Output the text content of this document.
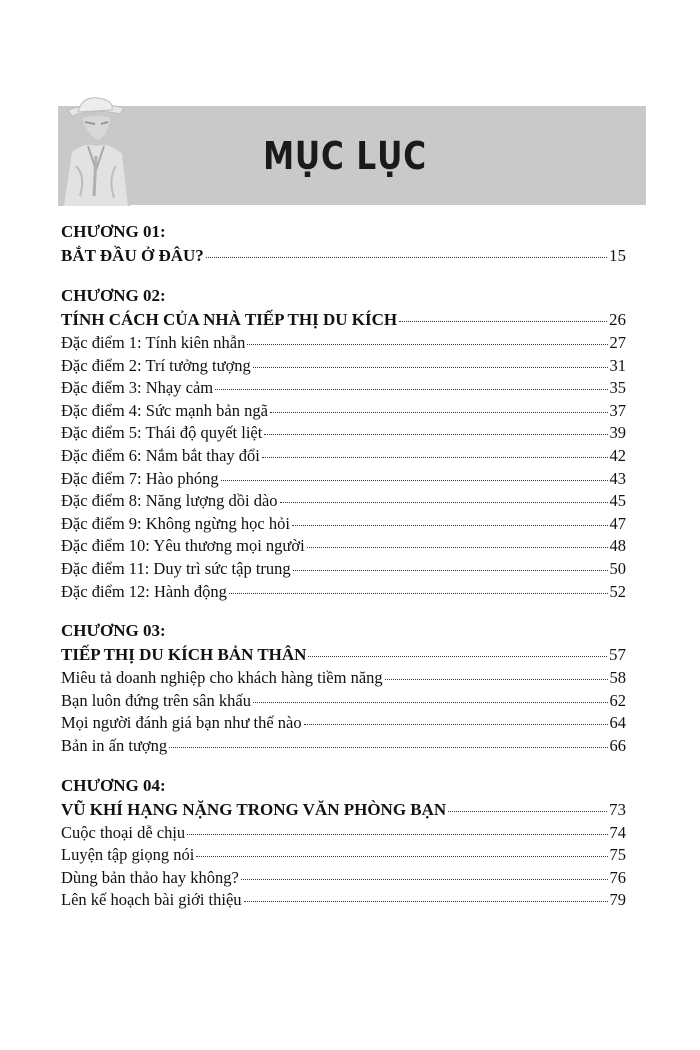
MỤC LỤC
CHƯƠNG 01:
BẮT ĐẦU Ở ĐÂU?	15
CHƯƠNG 02:
TÍNH CÁCH CỦA NHÀ TIẾP THỊ DU KÍCH	26
Đặc điểm 1: Tính kiên nhẫn	27
Đặc điểm 2: Trí tưởng tượng	31
Đặc điểm 3: Nhạy cảm	35
Đặc điểm 4: Sức mạnh bản ngã	37
Đặc điểm 5: Thái độ quyết liệt	39
Đặc điểm 6: Nắm bắt thay đổi	42
Đặc điểm 7: Hào phóng	43
Đặc điểm 8: Năng lượng dồi dào	45
Đặc điểm 9: Không ngừng học hỏi	47
Đặc điểm 10: Yêu thương mọi người	48
Đặc điểm 11: Duy trì sức tập trung	50
Đặc điểm 12: Hành động	52
CHƯƠNG 03:
TIẾP THỊ DU KÍCH BẢN THÂN	57
Miêu tả doanh nghiệp cho khách hàng tiềm năng	58
Bạn luôn đứng trên sân khấu	62
Mọi người đánh giá bạn như thế nào	64
Bản in ấn tượng	66
CHƯƠNG 04:
VŨ KHÍ HẠNG NẶNG TRONG VĂN PHÒNG BẠN	73
Cuộc thoại dễ chịu	74
Luyện tập giọng nói	75
Dùng bản thảo hay không?	76
Lên kế hoạch bài giới thiệu	79
